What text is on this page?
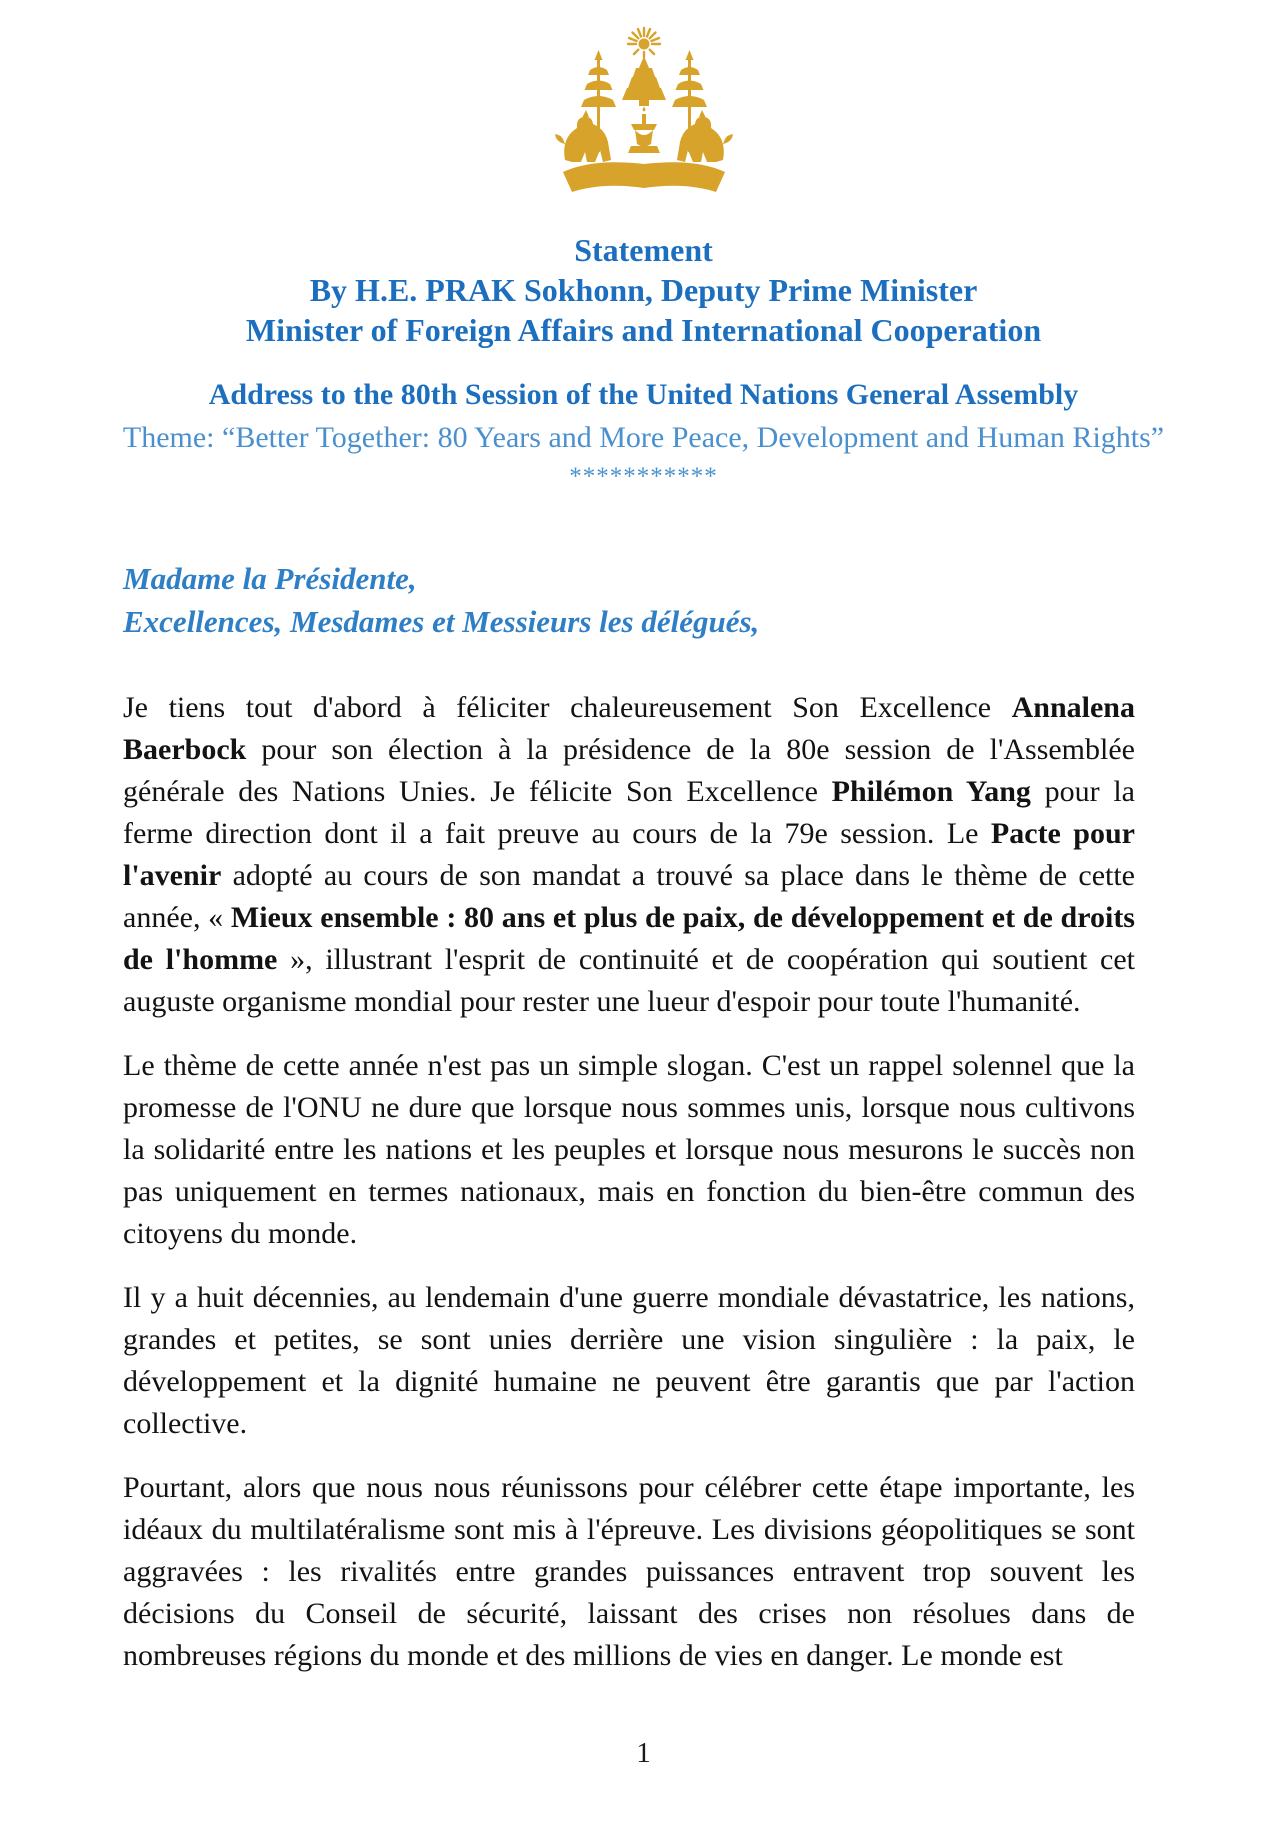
Statement
By H.E. PRAK Sokhonn, Deputy Prime Minister
Minister of Foreign Affairs and International Cooperation
Address to the 80th Session of the United Nations General Assembly
Theme: “Better Together: 80 Years and More Peace, Development and Human Rights”
***********
Madame la Présidente,
Excellences, Mesdames et Messieurs les délégués,

Je tiens tout d'abord à féliciter chaleureusement Son Excellence Annalena Baerbock pour son élection à la présidence de la 80e session de l'Assemblée générale des Nations Unies. Je félicite Son Excellence Philémon Yang pour la ferme direction dont il a fait preuve au cours de la 79e session. Le Pacte pour l'avenir adopté au cours de son mandat a trouvé sa place dans le thème de cette année, « Mieux ensemble : 80 ans et plus de paix, de développement et de droits de l'homme », illustrant l'esprit de continuité et de coopération qui soutient cet auguste organisme mondial pour rester une lueur d'espoir pour toute l'humanité.

Le thème de cette année n'est pas un simple slogan. C'est un rappel solennel que la promesse de l'ONU ne dure que lorsque nous sommes unis, lorsque nous cultivons la solidarité entre les nations et les peuples et lorsque nous mesurons le succès non pas uniquement en termes nationaux, mais en fonction du bien-être commun des citoyens du monde.

Il y a huit décennies, au lendemain d'une guerre mondiale dévastatrice, les nations, grandes et petites, se sont unies derrière une vision singulière : la paix, le développement et la dignité humaine ne peuvent être garantis que par l'action collective.

Pourtant, alors que nous nous réunissons pour célébrer cette étape importante, les idéaux du multilatéralisme sont mis à l'épreuve. Les divisions géopolitiques se sont aggravées : les rivalités entre grandes puissances entravent trop souvent les décisions du Conseil de sécurité, laissant des crises non résolues dans de nombreuses régions du monde et des millions de vies en danger. Le monde est

1
